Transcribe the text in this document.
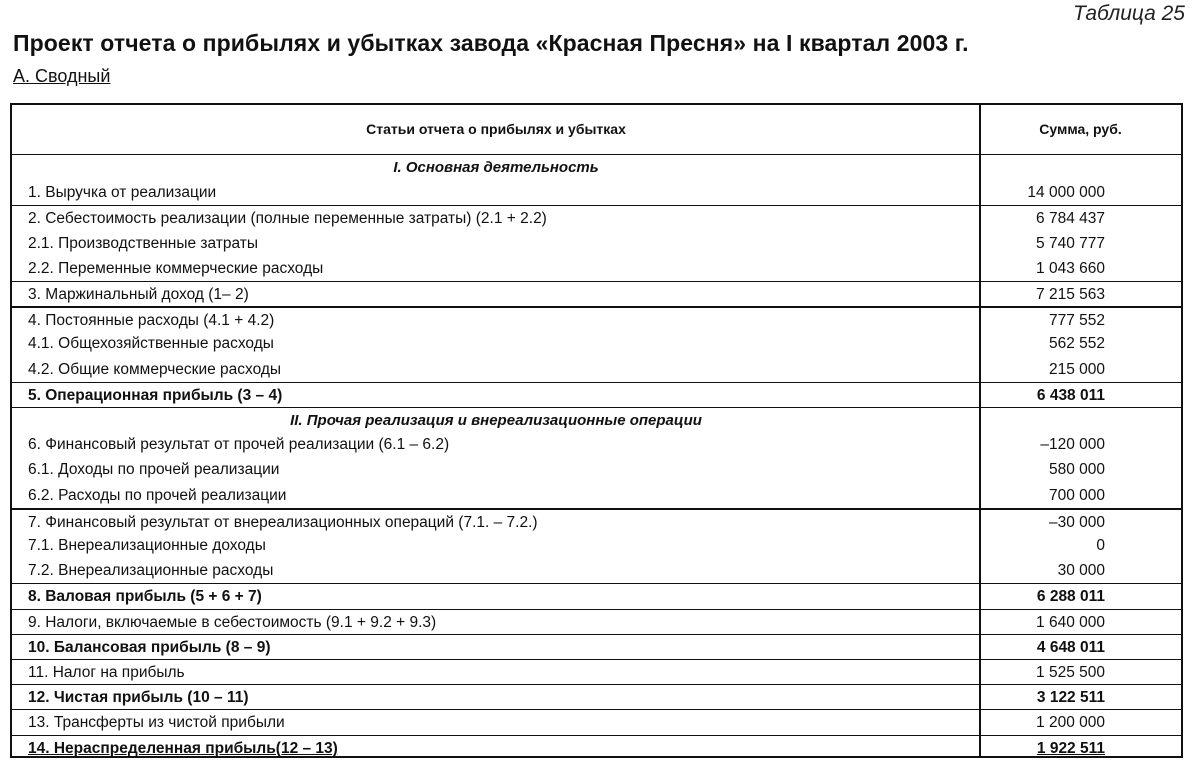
Таблица 25
Проект отчета о прибылях и убытках завода «Красная Пресня» на I квартал 2003 г.
А. Сводный
Статьи отчета о прибылях и убытках	Сумма, руб.
I. Основная деятельность
1. Выручка от реализации	14 000 000
2. Себестоимость реализации (полные переменные затраты) (2.1 + 2.2)	6 784 437
2.1. Производственные затраты	5 740 777
2.2. Переменные коммерческие расходы	1 043 660
3. Маржинальный доход (1– 2)	7 215 563
4. Постоянные расходы (4.1 + 4.2)	777 552
4.1. Общехозяйственные расходы	562 552
4.2. Общие коммерческие расходы	215 000
5. Операционная прибыль (3 – 4)	6 438 011
II. Прочая реализация и внереализационные операции
6. Финансовый результат от прочей реализации (6.1 – 6.2)	–120 000
6.1. Доходы по прочей реализации	580 000
6.2. Расходы по прочей реализации	700 000
7. Финансовый результат от внереализационных операций (7.1. – 7.2.)	–30 000
7.1. Внереализационные доходы	0
7.2. Внереализационные расходы	30 000
8. Валовая прибыль (5 + 6 + 7)	6 288 011
9. Налоги, включаемые в себестоимость (9.1 + 9.2 + 9.3)	1 640 000
10. Балансовая прибыль (8 – 9)	4 648 011
11. Налог на прибыль	1 525 500
12. Чистая прибыль (10 – 11)	3 122 511
13. Трансферты из чистой прибыли	1 200 000
14. Нераспределенная прибыль(12 – 13)	1 922 511
